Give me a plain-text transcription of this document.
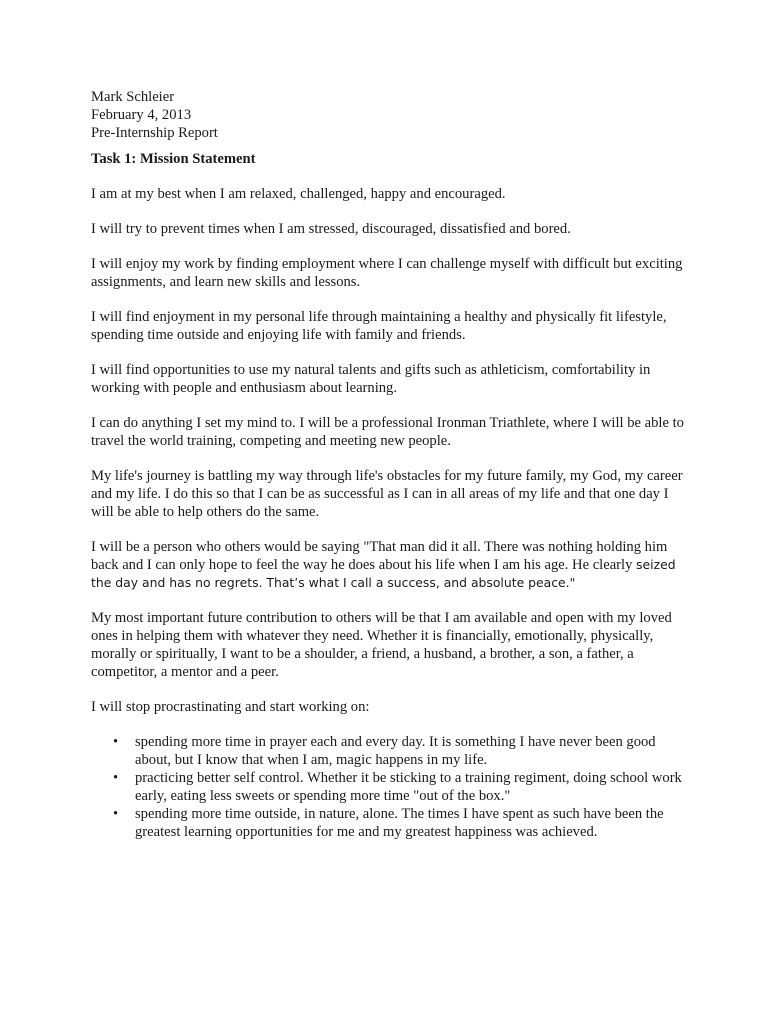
Mark Schleier
February 4, 2013
Pre-Internship Report
Task 1: Mission Statement

I am at my best when I am relaxed, challenged, happy and encouraged.

I will try to prevent times when I am stressed, discouraged, dissatisfied and bored.

I will enjoy my work by finding employment where I can challenge myself with difficult but exciting assignments, and learn new skills and lessons.

I will find enjoyment in my personal life through maintaining a healthy and physically fit lifestyle, spending time outside and enjoying life with family and friends.

I will find opportunities to use my natural talents and gifts such as athleticism, comfortability in working with people and enthusiasm about learning.

I can do anything I set my mind to. I will be a professional Ironman Triathlete, where I will be able to travel the world training, competing and meeting new people.

My life's journey is battling my way through life's obstacles for my future family, my God, my career and my life. I do this so that I can be as successful as I can in all areas of my life and that one day I will be able to help others do the same.

I will be a person who others would be saying "That man did it all. There was nothing holding him back and I can only hope to feel the way he does about his life when I am his age. He clearly seized the day and has no regrets. That’s what I call a success, and absolute peace."

My most important future contribution to others will be that I am available and open with my loved ones in helping them with whatever they need. Whether it is financially, emotionally, physically, morally or spiritually, I want to be a shoulder, a friend, a husband, a brother, a son, a father, a competitor, a mentor and a peer.

I will stop procrastinating and start working on:

• spending more time in prayer each and every day. It is something I have never been good about, but I know that when I am, magic happens in my life.
• practicing better self control. Whether it be sticking to a training regiment, doing school work early, eating less sweets or spending more time "out of the box."
• spending more time outside, in nature, alone. The times I have spent as such have been the greatest learning opportunities for me and my greatest happiness was achieved.
